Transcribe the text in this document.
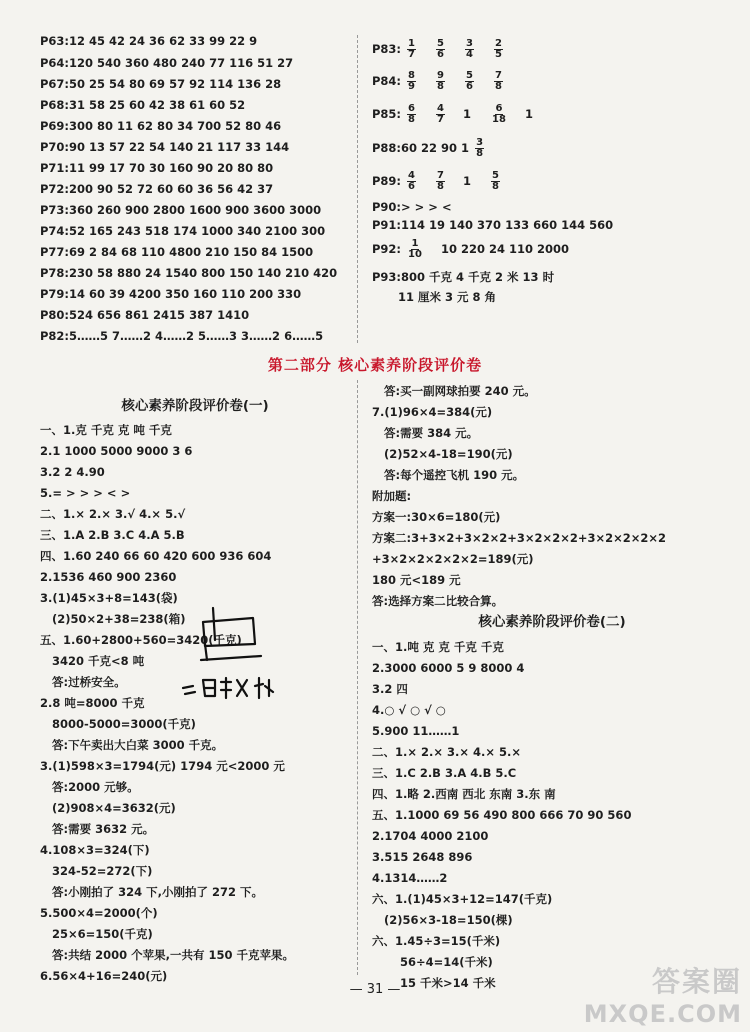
P63:12 45 42 24 36 62 33 99 22 9
P64:120 540 360 480 240 77 116 51 27
P67:50 25 54 80 69 57 92 114 136 28
P68:31 58 25 60 42 38 61 60 52
P69:300 80 11 62 80 34 700 52 80 46
P70:90 13 57 22 54 140 21 117 33 144
P71:11 99 17 70 30 160 90 20 80 80
P72:200 90 52 72 60 60 36 56 42 37
P73:360 260 900 2800 1600 900 3600 3000
P74:52 165 243 518 174 1000 340 2100 300
P77:69 2 84 68 110 4800 210 150 84 1500
P78:230 58 880 24 1540 800 150 140 210 420
P79:14 60 39 4200 350 160 110 200 330
P80:524 656 861 2415 387 1410
P82:5……5 7……2 4……2 5……3 3……2 6……5
P83: $\frac{1}{7}$
$\frac{5}{6}$
$\frac{3}{4}$
$\frac{2}{5}$
P84: $\frac{8}{9}$
$\frac{9}{8}$
$\frac{5}{6}$
$\frac{7}{8}$
P85: $\frac{6}{8}$
$\frac{4}{7} 1 \frac{6}{18} 1$
P88:60 22 90 $1 \frac{3}{8}$
P89: $\frac{4}{6}$
$\frac{7}{8} 1 \frac{5}{8}$
P90:> > > <
P91:114 19 140 370 133 660 144 560
P92: $\frac{1}{10} 10$ 220 24 110 2000
P93:800 千克 4 千克 2 米 13 时
11 厘米 3 元 8 角
第二部分 核心素养阶段评价卷
核心素养阶段评价卷(一)
一、1.克 千克 克 吨 千克
2.1 1000 5000 9000 3 6
3.2 2 4.90
5.= > > > < >
二、1.× 2.× 3.√ 4.× 5.√
三、1.A 2.B 3.C 4.A 5.B
四、1.60 240 66 60 420 600 936 604
2.1536 460 900 2360
3.(1)45×3+8=143(袋)
(2)50×2+38=238(箱)
五、1.60+2800+560=3420(千克)
3420 千克<8 吨
答:过桥安全。
2.8 吨=8000 千克
8000-5000=3000(千克)
答:下午卖出大白菜 3000 千克。
3.(1)598×3=1794(元) 1794 元<2000 元
答:2000 元够。
(2)908×4=3632(元)
答:需要 3632 元。
4.108×3=324(下)
324-52=272(下)
答:小刚拍了 324 下,小刚拍了 272 下。
5.500×4=2000(个)
25×6=150(千克)
答:共结 2000 个苹果,一共有 150 千克苹果。
6.56×4+16=240(元)
答:买一副网球拍要 240 元。
7.(1)96×4=384(元)
答:需要 384 元。
(2)52×4-18=190(元)
答:每个遥控飞机 190 元。
附加题:
方案一:30×6=180(元)
方案二:3+3×2+3×2×2+3×2×2×2+3×2×2×2×2
+3×2×2×2×2×2=189(元)
180 元<189 元
答:选择方案二比较合算。
核心素养阶段评价卷(二)
一、1.吨 克 克 千克 千克
2.3000 6000 5 9 8000 4
3.2 四
4.○ √ ○ √ ○
5.900 11……1
二、1.× 2.× 3.× 4.× 5.×
三、1.C 2.B 3.A 4.B 5.C
四、1.略 2.西南 西北 东南 3.东 南
五、1.1000 69 56 490 800 666 70 90 560
2.1704 4000 2100
3.515 2648 896
4.1314……2
六、1.(1)45×3+12=147(千克)
(2)56×3-18=150(棵)
六、1.45÷3=15(千米)
56÷4=14(千米)
15 千米>14 千米
— 31 —	答案圈
MXQE.COM
